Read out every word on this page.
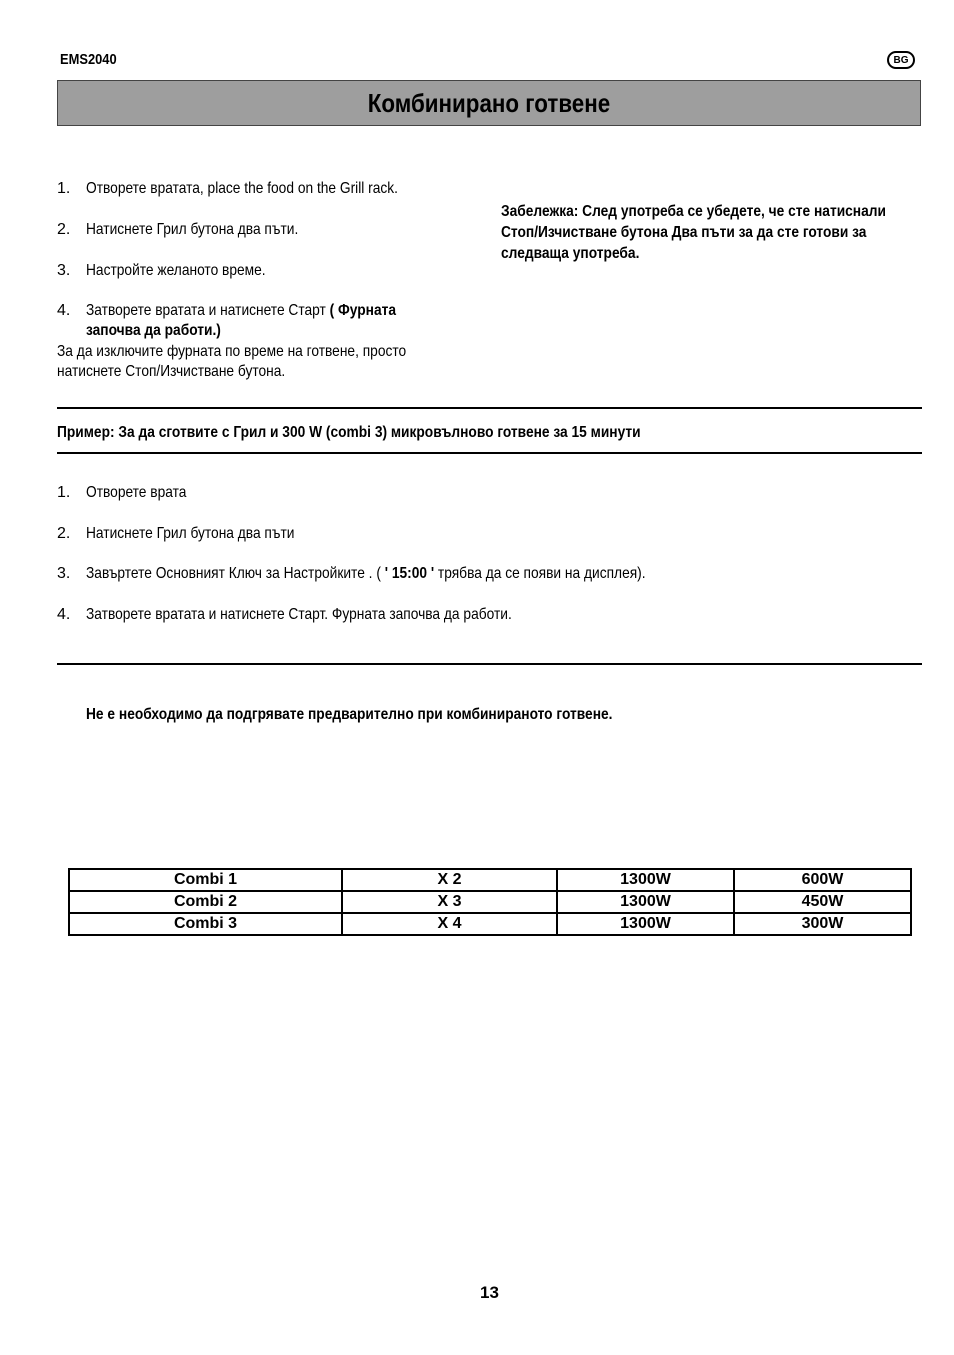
EMS2040	BG
Комбинирано готвене
1. Отворете вратата, place the food on the Grill rack.
2. Натиснете Грил бутона два пъти.
3. Настройте желаното време.
4. Затворете вратата и натиснете Старт ( Фурната
започва да работи.)
За да изключите фурната по време на готвене, просто
натиснете Стоп/Изчистване бутона.
Забележка: След употреба се убедете, че сте натиснали
Стоп/Изчистване бутона Два пъти за да сте готови за
следваща употреба.
Пример: За да сготвите с Грил и 300 W (combi 3) микровълново готвене за 15 минути
1. Отворете врата
2. Натиснете Грил бутона два пъти
3. Завъртете Основният Ключ за Настройките . ( ' 15:00 ' трябва да се появи на дисплея).
4. Затворете вратата и натиснете Старт. Фурната започва да работи.
Не е необходимо да подгрявате предварително при комбинираното готвене.
Combi 1	X 2	1300W	600W
Combi 2	X 3	1300W	450W
Combi 3	X 4	1300W	300W
13
